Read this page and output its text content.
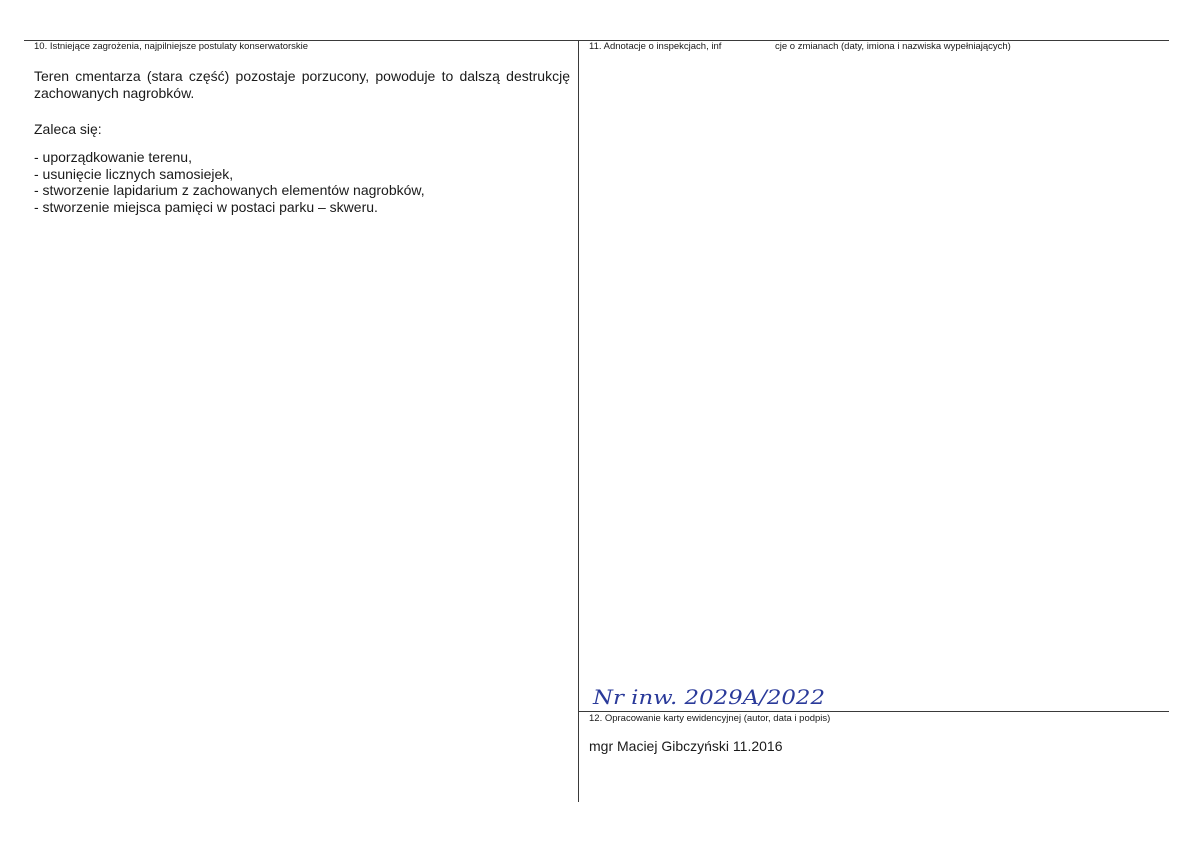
10. Istniejące zagrożenia, najpilniejsze postulaty konserwatorskie
Teren cmentarza (stara część) pozostaje porzucony, powoduje to dalszą destrukcję zachowanych nagrobków.
Zaleca się:
- uporządkowanie terenu,
- usunięcie licznych samosiejek,
- stworzenie lapidarium z zachowanych elementów nagrobków,
- stworzenie miejsca pamięci w postaci parku – skweru.
11. Adnotacje o inspekcjach, inf	cje o zmianach (daty, imiona i nazwiska wypełniających)
Nr inw. 2029A/2022
12. Opracowanie karty ewidencyjnej (autor, data i podpis)
mgr Maciej Gibczyński 11.2016
